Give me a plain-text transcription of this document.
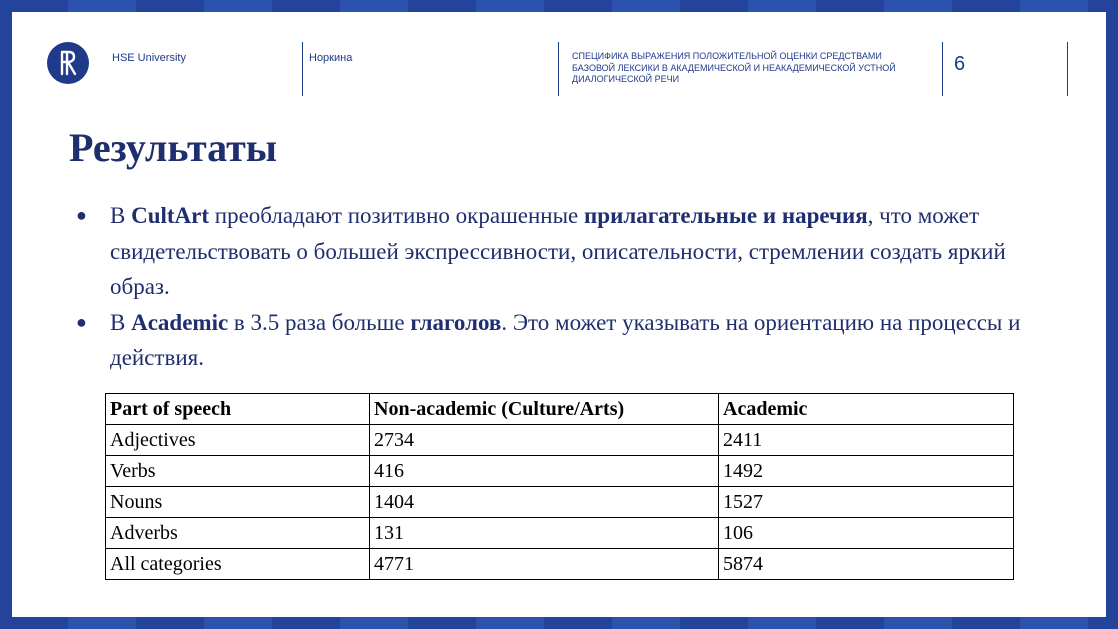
HSE University	Норкина	СПЕЦИФИКА ВЫРАЖЕНИЯ ПОЛОЖИТЕЛЬНОЙ ОЦЕНКИ СРЕДСТВАМИ БАЗОВОЙ ЛЕКСИКИ В АКАДЕМИЧЕСКОЙ И НЕАКАДЕМИЧЕСКОЙ УСТНОЙ ДИАЛОГИЧЕСКОЙ РЕЧИ
6
Результаты
● В CultArt преобладают позитивно окрашенные прилагательные и наречия, что может свидетельствовать о большей экспрессивности, описательности, стремлении создать яркий образ.
● В Academic в 3.5 раза больше глаголов. Это может указывать на ориентацию на процессы и действия.
Part of speech	Non-academic (Culture/Arts)	Academic
Adjectives	2734	2411
Verbs	416	1492
Nouns	1404	1527
Adverbs	131	106
All categories	4771	5874
